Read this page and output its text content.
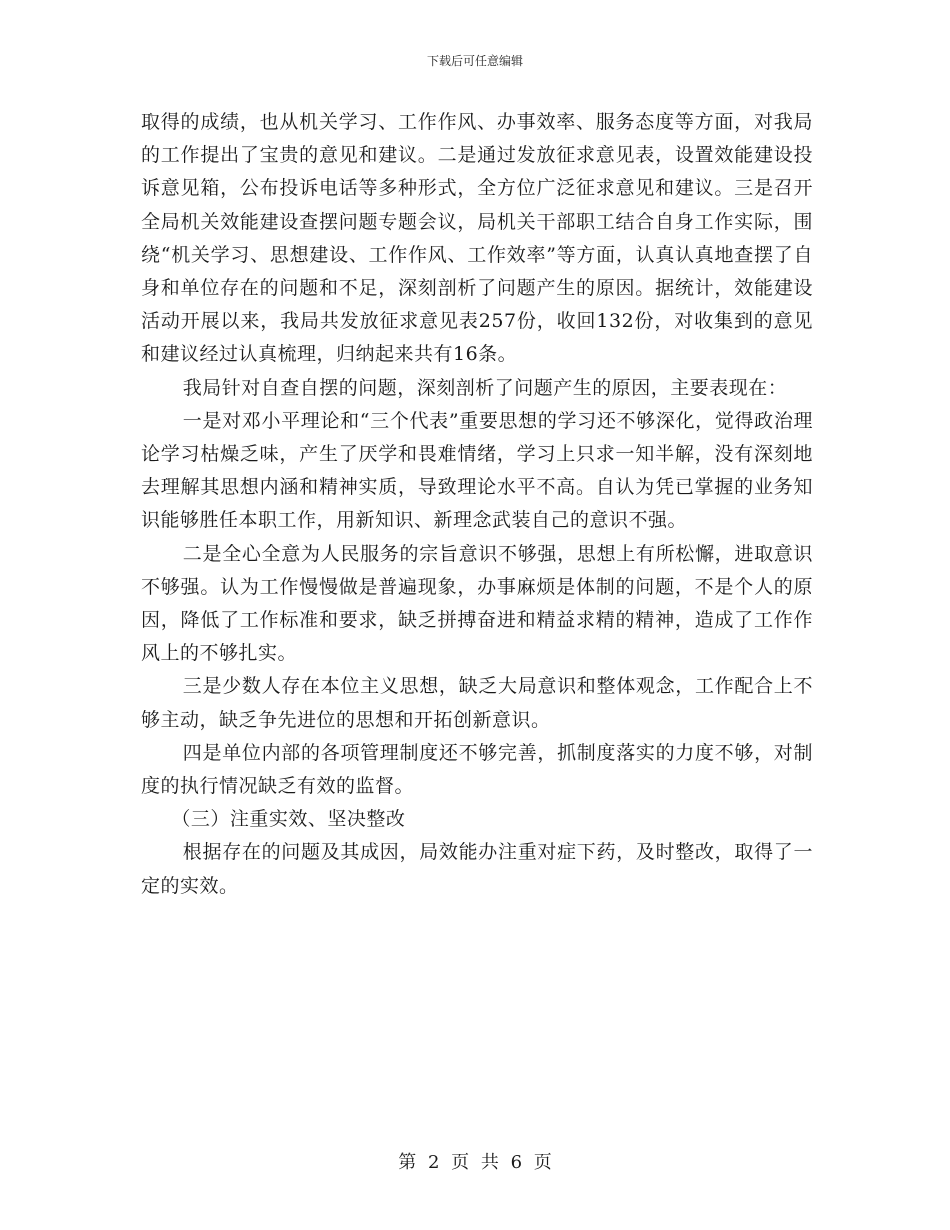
下载后可任意编辑

取得的成绩，也从机关学习、工作作风、办事效率、服务态度等方面，对我局的工作提出了宝贵的意见和建议。二是通过发放征求意见表，设置效能建设投诉意见箱，公布投诉电话等多种形式，全方位广泛征求意见和建议。三是召开全局机关效能建设查摆问题专题会议，局机关干部职工结合自身工作实际，围绕“机关学习、思想建设、工作作风、工作效率”等方面，认真认真地查摆了自身和单位存在的问题和不足，深刻剖析了问题产生的原因。据统计，效能建设活动开展以来，我局共发放征求意见表257份，收回132份，对收集到的意见和建议经过认真梳理，归纳起来共有16条。

我局针对自查自摆的问题，深刻剖析了问题产生的原因，主要表现在：

一是对邓小平理论和“三个代表”重要思想的学习还不够深化，觉得政治理论学习枯燥乏味，产生了厌学和畏难情绪，学习上只求一知半解，没有深刻地去理解其思想内涵和精神实质，导致理论水平不高。自认为凭已掌握的业务知识能够胜任本职工作，用新知识、新理念武装自己的意识不强。

二是全心全意为人民服务的宗旨意识不够强，思想上有所松懈，进取意识不够强。认为工作慢慢做是普遍现象，办事麻烦是体制的问题，不是个人的原因，降低了工作标准和要求，缺乏拼搏奋进和精益求精的精神，造成了工作作风上的不够扎实。

三是少数人存在本位主义思想，缺乏大局意识和整体观念，工作配合上不够主动，缺乏争先进位的思想和开拓创新意识。

四是单位内部的各项管理制度还不够完善，抓制度落实的力度不够，对制度的执行情况缺乏有效的监督。

（三）注重实效、坚决整改

根据存在的问题及其成因，局效能办注重对症下药，及时整改，取得了一定的实效。

第 2 页 共 6 页
